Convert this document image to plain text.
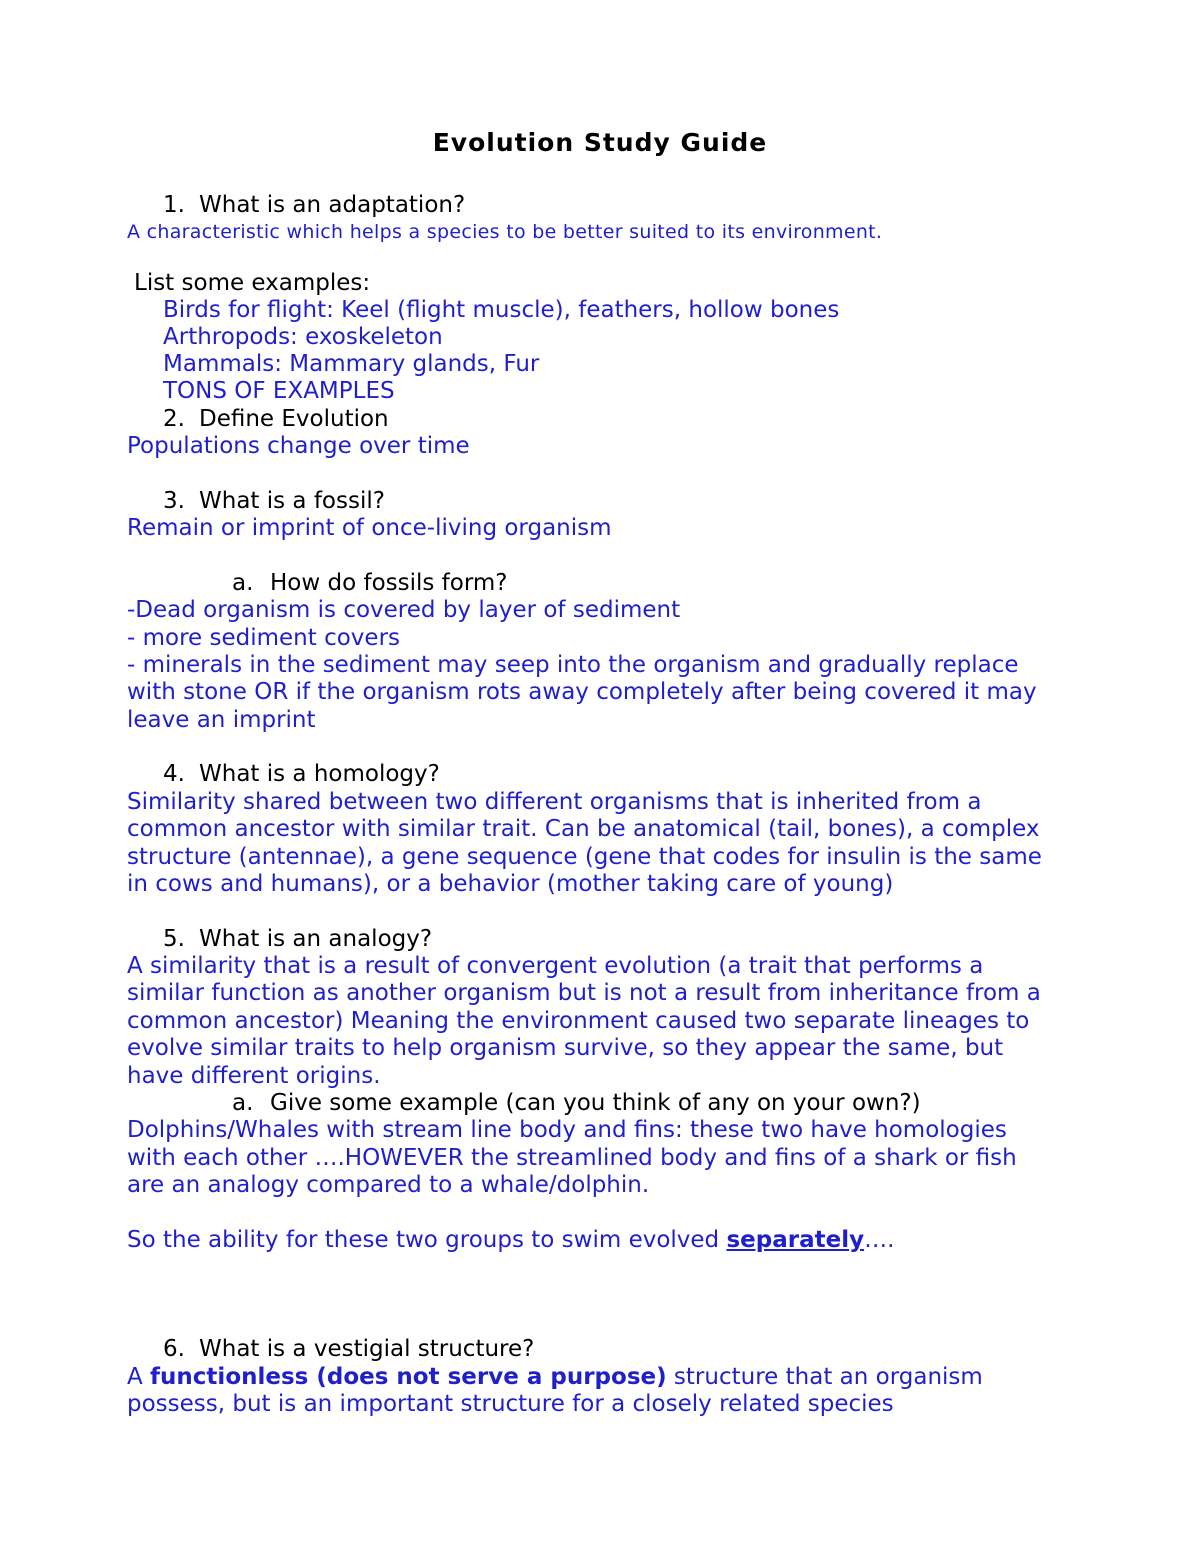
Evolution Study Guide
1. What is an adaptation?
A characteristic which helps a species to be better suited to its environment.
List some examples:
Birds for flight: Keel (flight muscle), feathers, hollow bones
Arthropods: exoskeleton
Mammals: Mammary glands, Fur
TONS OF EXAMPLES
2. Define Evolution
Populations change over time
3. What is a fossil?
Remain or imprint of once-living organism
a. How do fossils form?
-Dead organism is covered by layer of sediment
- more sediment covers
- minerals in the sediment may seep into the organism and gradually replace
with stone OR if the organism rots away completely after being covered it may
leave an imprint
4. What is a homology?
Similarity shared between two different organisms that is inherited from a
common ancestor with similar trait. Can be anatomical (tail, bones), a complex
structure (antennae), a gene sequence (gene that codes for insulin is the same
in cows and humans), or a behavior (mother taking care of young)
5. What is an analogy?
A similarity that is a result of convergent evolution (a trait that performs a
similar function as another organism but is not a result from inheritance from a
common ancestor) Meaning the environment caused two separate lineages to
evolve similar traits to help organism survive, so they appear the same, but
have different origins.
a. Give some example (can you think of any on your own?)
Dolphins/Whales with stream line body and fins: these two have homologies
with each other ….HOWEVER the streamlined body and fins of a shark or fish
are an analogy compared to a whale/dolphin.
So the ability for these two groups to swim evolved separately….
6. What is a vestigial structure?
A functionless (does not serve a purpose) structure that an organism
possess, but is an important structure for a closely related species
